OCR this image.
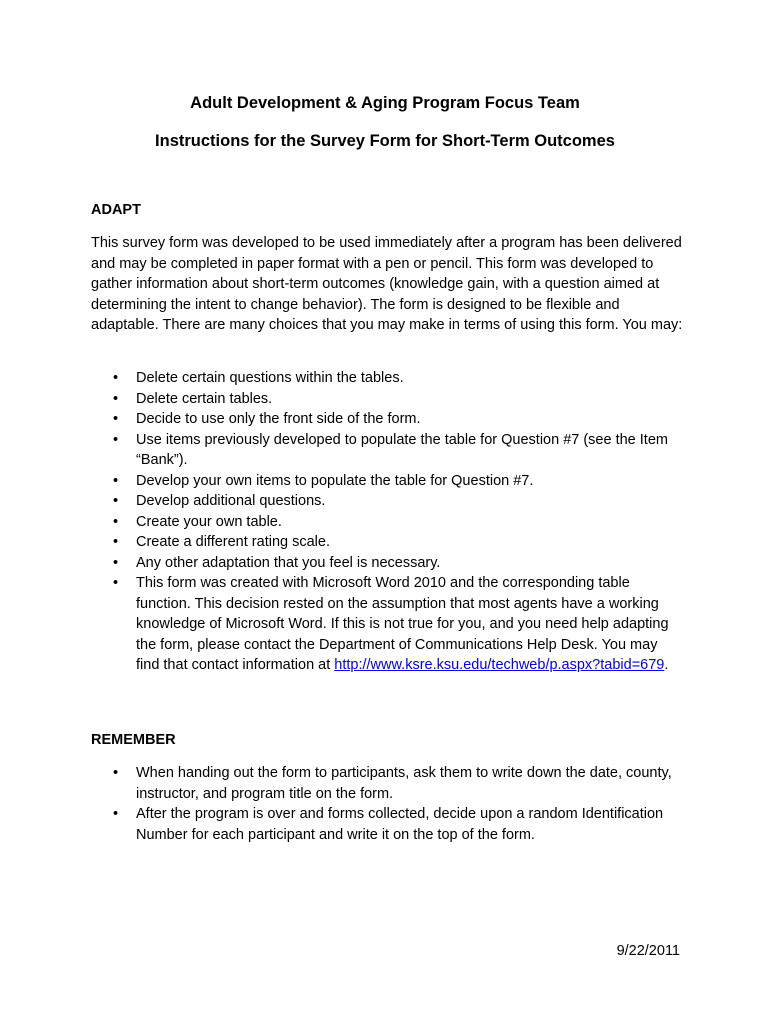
Adult Development & Aging Program Focus Team
Instructions for the Survey Form for Short-Term Outcomes
ADAPT
This survey form was developed to be used immediately after a program has been delivered and may be completed in paper format with a pen or pencil. This form was developed to gather information about short-term outcomes (knowledge gain, with a question aimed at determining the intent to change behavior). The form is designed to be flexible and adaptable. There are many choices that you may make in terms of using this form. You may:
• Delete certain questions within the tables.
• Delete certain tables.
• Decide to use only the front side of the form.
• Use items previously developed to populate the table for Question #7 (see the Item “Bank”).
• Develop your own items to populate the table for Question #7.
• Develop additional questions.
• Create your own table.
• Create a different rating scale.
• Any other adaptation that you feel is necessary.
• This form was created with Microsoft Word 2010 and the corresponding table function. This decision rested on the assumption that most agents have a working knowledge of Microsoft Word. If this is not true for you, and you need help adapting the form, please contact the Department of Communications Help Desk. You may find that contact information at http://www.ksre.ksu.edu/techweb/p.aspx?tabid=679.
REMEMBER
• When handing out the form to participants, ask them to write down the date, county, instructor, and program title on the form.
• After the program is over and forms collected, decide upon a random Identification Number for each participant and write it on the top of the form.
9/22/2011
